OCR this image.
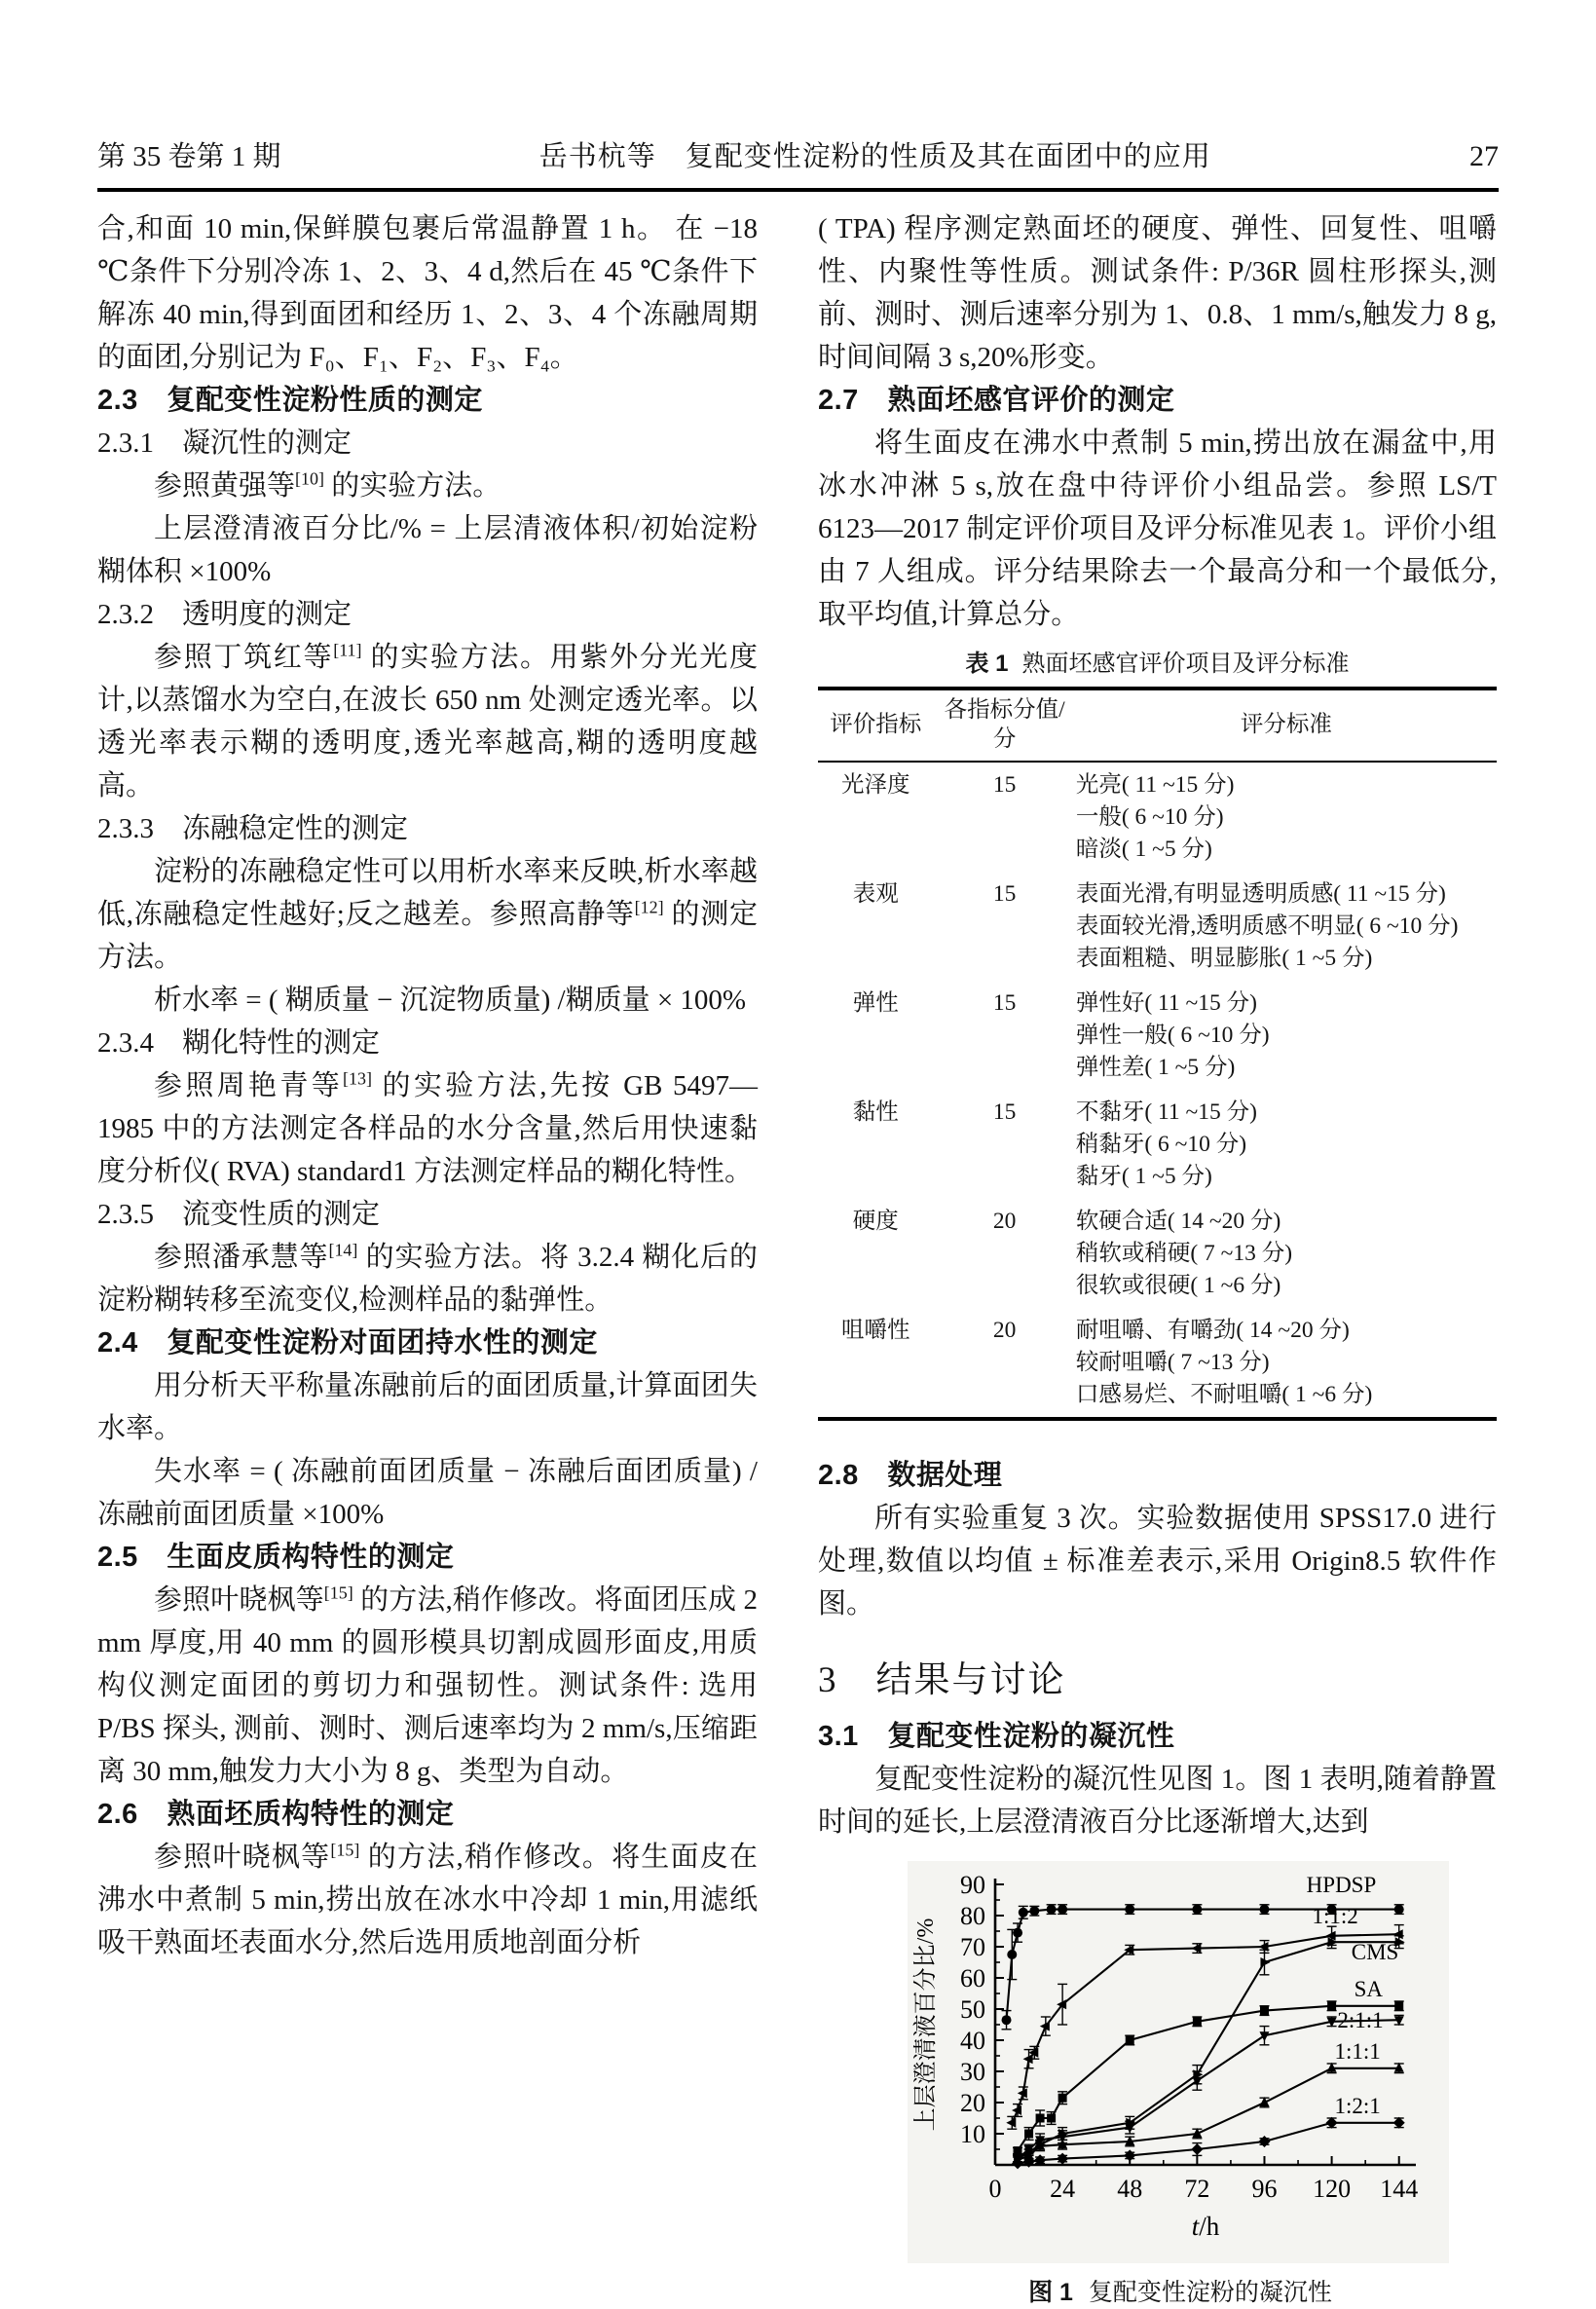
第 35 卷第 1 期	岳书杭等　复配变性淀粉的性质及其在面团中的应用	27

合,和面 10 min,保鲜膜包裹后常温静置 1 h。 在 −18 ℃条件下分别冷冻 1、2、3、4 d,然后在 45 ℃条件下解冻 40 min,得到面团和经历 1、2、3、4 个冻融周期的面团,分别记为 F₀、F₁、F₂、F₃、F₄。

2.3　复配变性淀粉性质的测定
2.3.1　凝沉性的测定

参照黄强等[10] 的实验方法。

上层澄清液百分比/% = 上层清液体积/初始淀粉糊体积 ×100%

2.3.2　透明度的测定

参照丁筑红等[11] 的实验方法。用紫外分光光度计,以蒸馏水为空白,在波长 650 nm 处测定透光率。以透光率表示糊的透明度,透光率越高,糊的透明度越高。

2.3.3　冻融稳定性的测定

淀粉的冻融稳定性可以用析水率来反映,析水率越低,冻融稳定性越好;反之越差。参照高静等[12] 的测定方法。

析水率 = ( 糊质量 − 沉淀物质量) /糊质量 × 100%

2.3.4　糊化特性的测定

参照周艳青等[13] 的实验方法,先按 GB 5497—1985 中的方法测定各样品的水分含量,然后用快速黏度分析仪( RVA) standard1 方法测定样品的糊化特性。

2.3.5　流变性质的测定

参照潘承慧等[14] 的实验方法。将 3.2.4 糊化后的淀粉糊转移至流变仪,检测样品的黏弹性。

2.4　复配变性淀粉对面团持水性的测定

用分析天平称量冻融前后的面团质量,计算面团失水率。

失水率 = ( 冻融前面团质量 − 冻融后面团质量) /冻融前面团质量 ×100%

2.5　生面皮质构特性的测定

参照叶晓枫等[15] 的方法,稍作修改。将面团压成 2 mm 厚度,用 40 mm 的圆形模具切割成圆形面皮,用质构仪测定面团的剪切力和强韧性。测试条件: 选用 P/BS 探头, 测前、测时、测后速率均为 2 mm/s,压缩距离 30 mm,触发力大小为 8 g、类型为自动。

2.6　熟面坯质构特性的测定

参照叶晓枫等[15] 的方法,稍作修改。将生面皮在沸水中煮制 5 min,捞出放在冰水中冷却 1 min,用滤纸吸干熟面坯表面水分,然后选用质地剖面分析

( TPA) 程序测定熟面坯的硬度、弹性、回复性、咀嚼性、内聚性等性质。测试条件: P/36R 圆柱形探头,测前、测时、测后速率分别为 1、0.8、1 mm/s,触发力 8 g,时间间隔 3 s,20%形变。

2.7　熟面坯感官评价的测定

将生面皮在沸水中煮制 5 min,捞出放在漏盆中,用冰水冲淋 5 s,放在盘中待评价小组品尝。参照 LS/T 6123—2017 制定评价项目及评分标准见表 1。评价小组由 7 人组成。评分结果除去一个最高分和一个最低分,取平均值,计算总分。

表 1 熟面坯感官评价项目及评分标准
评价指标	各指标分值/分	评分标准
光泽度	15	光亮( 11 ~15 分)
一般( 6 ~10 分)
暗淡( 1 ~5 分)

表观	15	表面光滑,有明显透明质感( 11 ~15 分)
表面较光滑,透明质感不明显( 6 ~10 分)
表面粗糙、明显膨胀( 1 ~5 分)

弹性	15	弹性好( 11 ~15 分)
弹性一般( 6 ~10 分)
弹性差( 1 ~5 分)

黏性	15	不黏牙( 11 ~15 分)
稍黏牙( 6 ~10 分)
黏牙( 1 ~5 分)

硬度	20	软硬合适( 14 ~20 分)
稍软或稍硬( 7 ~13 分)
很软或很硬( 1 ~6 分)

咀嚼性	20	耐咀嚼、有嚼劲( 14 ~20 分)
较耐咀嚼( 7 ~13 分)
口感易烂、不耐咀嚼( 1 ~6 分)
2.8　数据处理

所有实验重复 3 次。实验数据使用 SPSS17.0 进行处理,数值以均值 ± 标准差表示,采用 Origin8.5 软件作图。

3　结果与讨论
3.1　复配变性淀粉的凝沉性

复配变性淀粉的凝沉性见图 1。图 1 表明,随着静置时间的延长,上层澄清液百分比逐渐增大,达到

0 24 48 72 96 120 144
10
20
30
40
50
60
70
80
90
t/h
上层澄清液百分比/%
HPDSP
1:1:2
CMS
SA
2:1:1
1:1:1
1:2:1
图 1 复配变性淀粉的凝沉性
